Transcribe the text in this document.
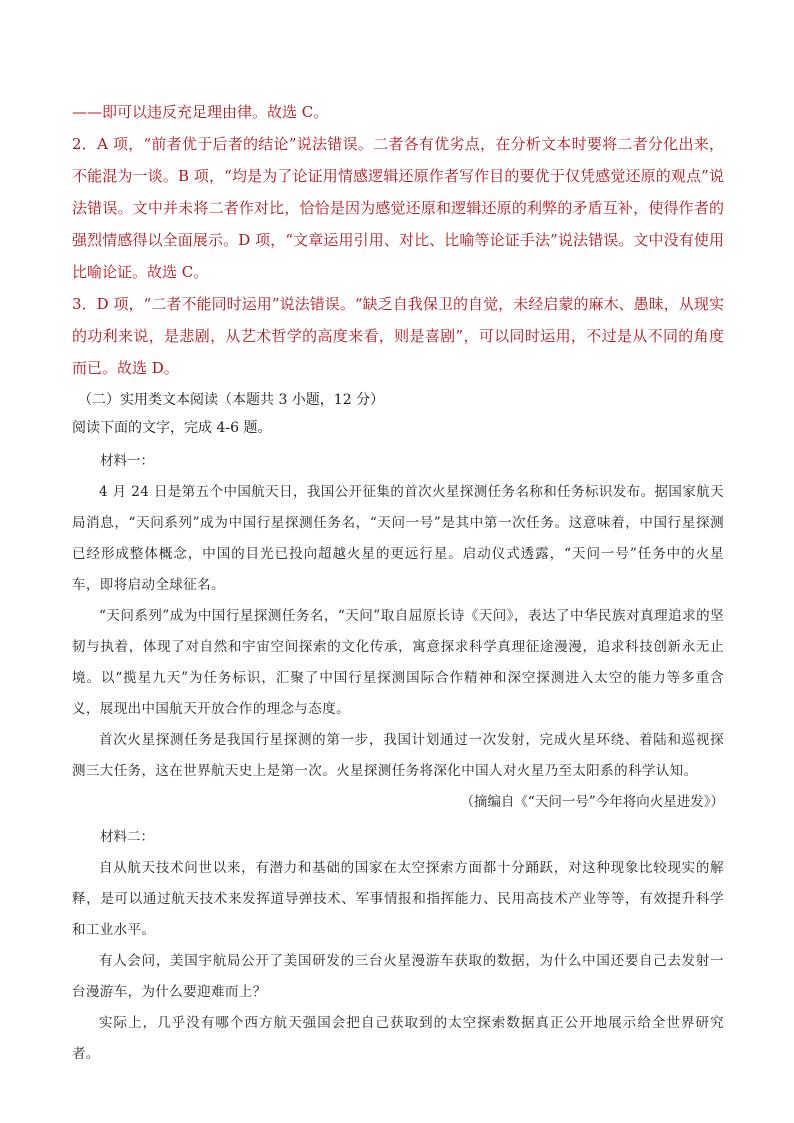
——即可以违反充足理由律。故选 C。

2．A 项，“前者优于后者的结论”说法错误。二者各有优劣点，在分析文本时要将二者分化出来，不能混为一谈。B 项，“均是为了论证用情感逻辑还原作者写作目的要优于仅凭感觉还原的观点”说法错误。文中并未将二者作对比，恰恰是因为感觉还原和逻辑还原的利弊的矛盾互补，使得作者的强烈情感得以全面展示。D 项，“文章运用引用、对比、比喻等论证手法”说法错误。文中没有使用比喻论证。故选 C。

3．D 项，“二者不能同时运用”说法错误。“缺乏自我保卫的自觉，未经启蒙的麻木、愚昧，从现实的功利来说，是悲剧，从艺术哲学的高度来看，则是喜剧”，可以同时运用，不过是从不同的角度而已。故选 D。

（二）实用类文本阅读（本题共 3 小题，12 分）

阅读下面的文字，完成 4-6 题。

材料一：

4 月 24 日是第五个中国航天日，我国公开征集的首次火星探测任务名称和任务标识发布。据国家航天局消息，“天问系列”成为中国行星探测任务名，“天问一号”是其中第一次任务。这意味着，中国行星探测已经形成整体概念，中国的目光已投向超越火星的更远行星。启动仪式透露，“天问一号”任务中的火星车，即将启动全球征名。

“天问系列”成为中国行星探测任务名，“天问”取自屈原长诗《天问》，表达了中华民族对真理追求的坚韧与执着，体现了对自然和宇宙空间探索的文化传承，寓意探求科学真理征途漫漫，追求科技创新永无止境。以“揽星九天”为任务标识，汇聚了中国行星探测国际合作精神和深空探测进入太空的能力等多重含义，展现出中国航天开放合作的理念与态度。

首次火星探测任务是我国行星探测的第一步，我国计划通过一次发射，完成火星环绕、着陆和巡视探测三大任务，这在世界航天史上是第一次。火星探测任务将深化中国人对火星乃至太阳系的科学认知。

（摘编自《“天问一号”今年将向火星进发》）

材料二：

自从航天技术问世以来，有潜力和基础的国家在太空探索方面都十分踊跃，对这种现象比较现实的解释，是可以通过航天技术来发挥道导弹技术、军事情报和指挥能力、民用高技术产业等等，有效提升科学和工业水平。

有人会问，美国宇航局公开了美国研发的三台火星漫游车获取的数据，为什么中国还要自己去发射一台漫游车，为什么要迎难而上？

实际上，几乎没有哪个西方航天强国会把自己获取到的太空探索数据真正公开地展示给全世界研究者。
